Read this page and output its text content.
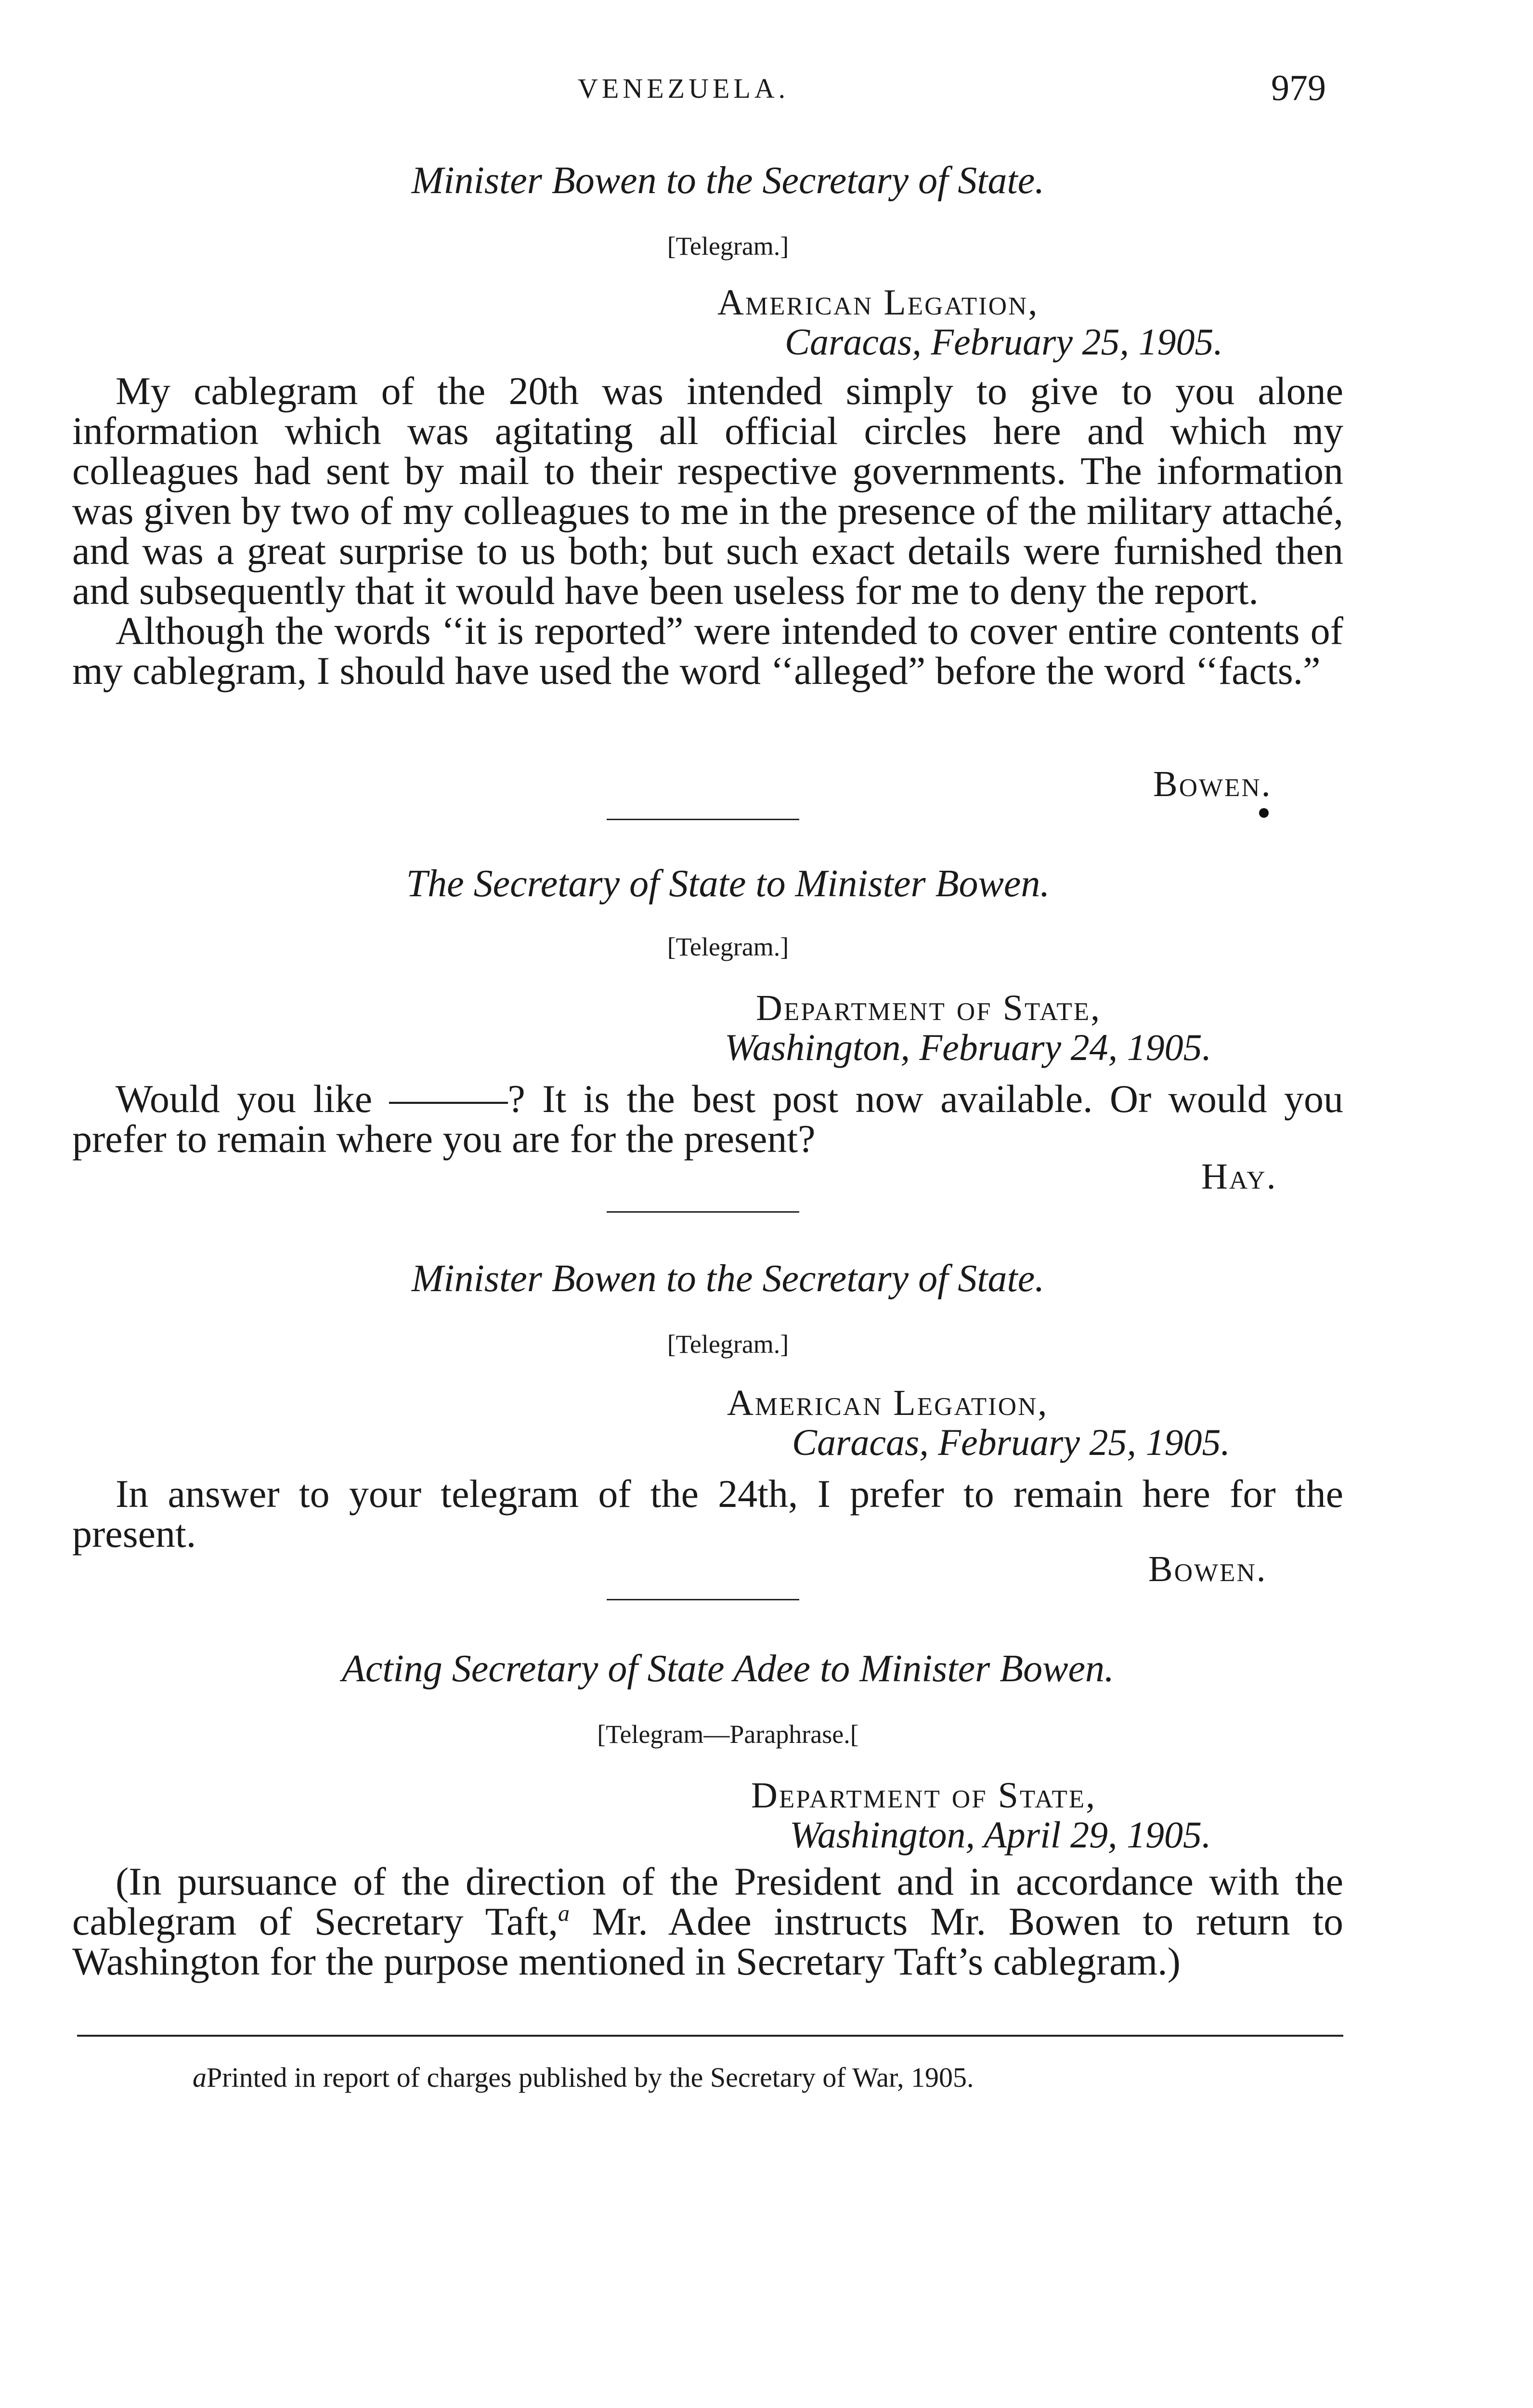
VENEZUELA.	979
Minister Bowen to the Secretary of State.
[Telegram.]
American Legation,
Caracas, February 25, 1905.

My cablegram of the 20th was intended simply to give to you alone information which was agitating all official circles here and which my colleagues had sent by mail to their respective governments. The information was given by two of my colleagues to me in the presence of the military attaché, and was a great surprise to us both; but such exact details were furnished then and subsequently that it would have been useless for me to deny the report.

Although the words ‘‘it is reported” were intended to cover entire contents of my cablegram, I should have used the word ‘‘alleged” before the word ‘‘facts.”

Bowen.
The Secretary of State to Minister Bowen.
[Telegram.]
Department of State,
Washington, February 24, 1905.

Would you like ———? It is the best post now available. Or would you prefer to remain where you are for the present?

Hay.
Minister Bowen to the Secretary of State.
[Telegram.]
American Legation,
Caracas, February 25, 1905.

In answer to your telegram of the 24th, I prefer to remain here for the present.

Bowen.
Acting Secretary of State Adee to Minister Bowen.
[Telegram—Paraphrase.[
Department of State,
Washington, April 29, 1905.

(In pursuance of the direction of the President and in accordance with the cablegram of Secretary Taft,$^a$ Mr. Adee instructs Mr. Bowen to return to Washington for the purpose mentioned in Secretary Taft’s cablegram.)

aPrinted in report of charges published by the Secretary of War, 1905.
